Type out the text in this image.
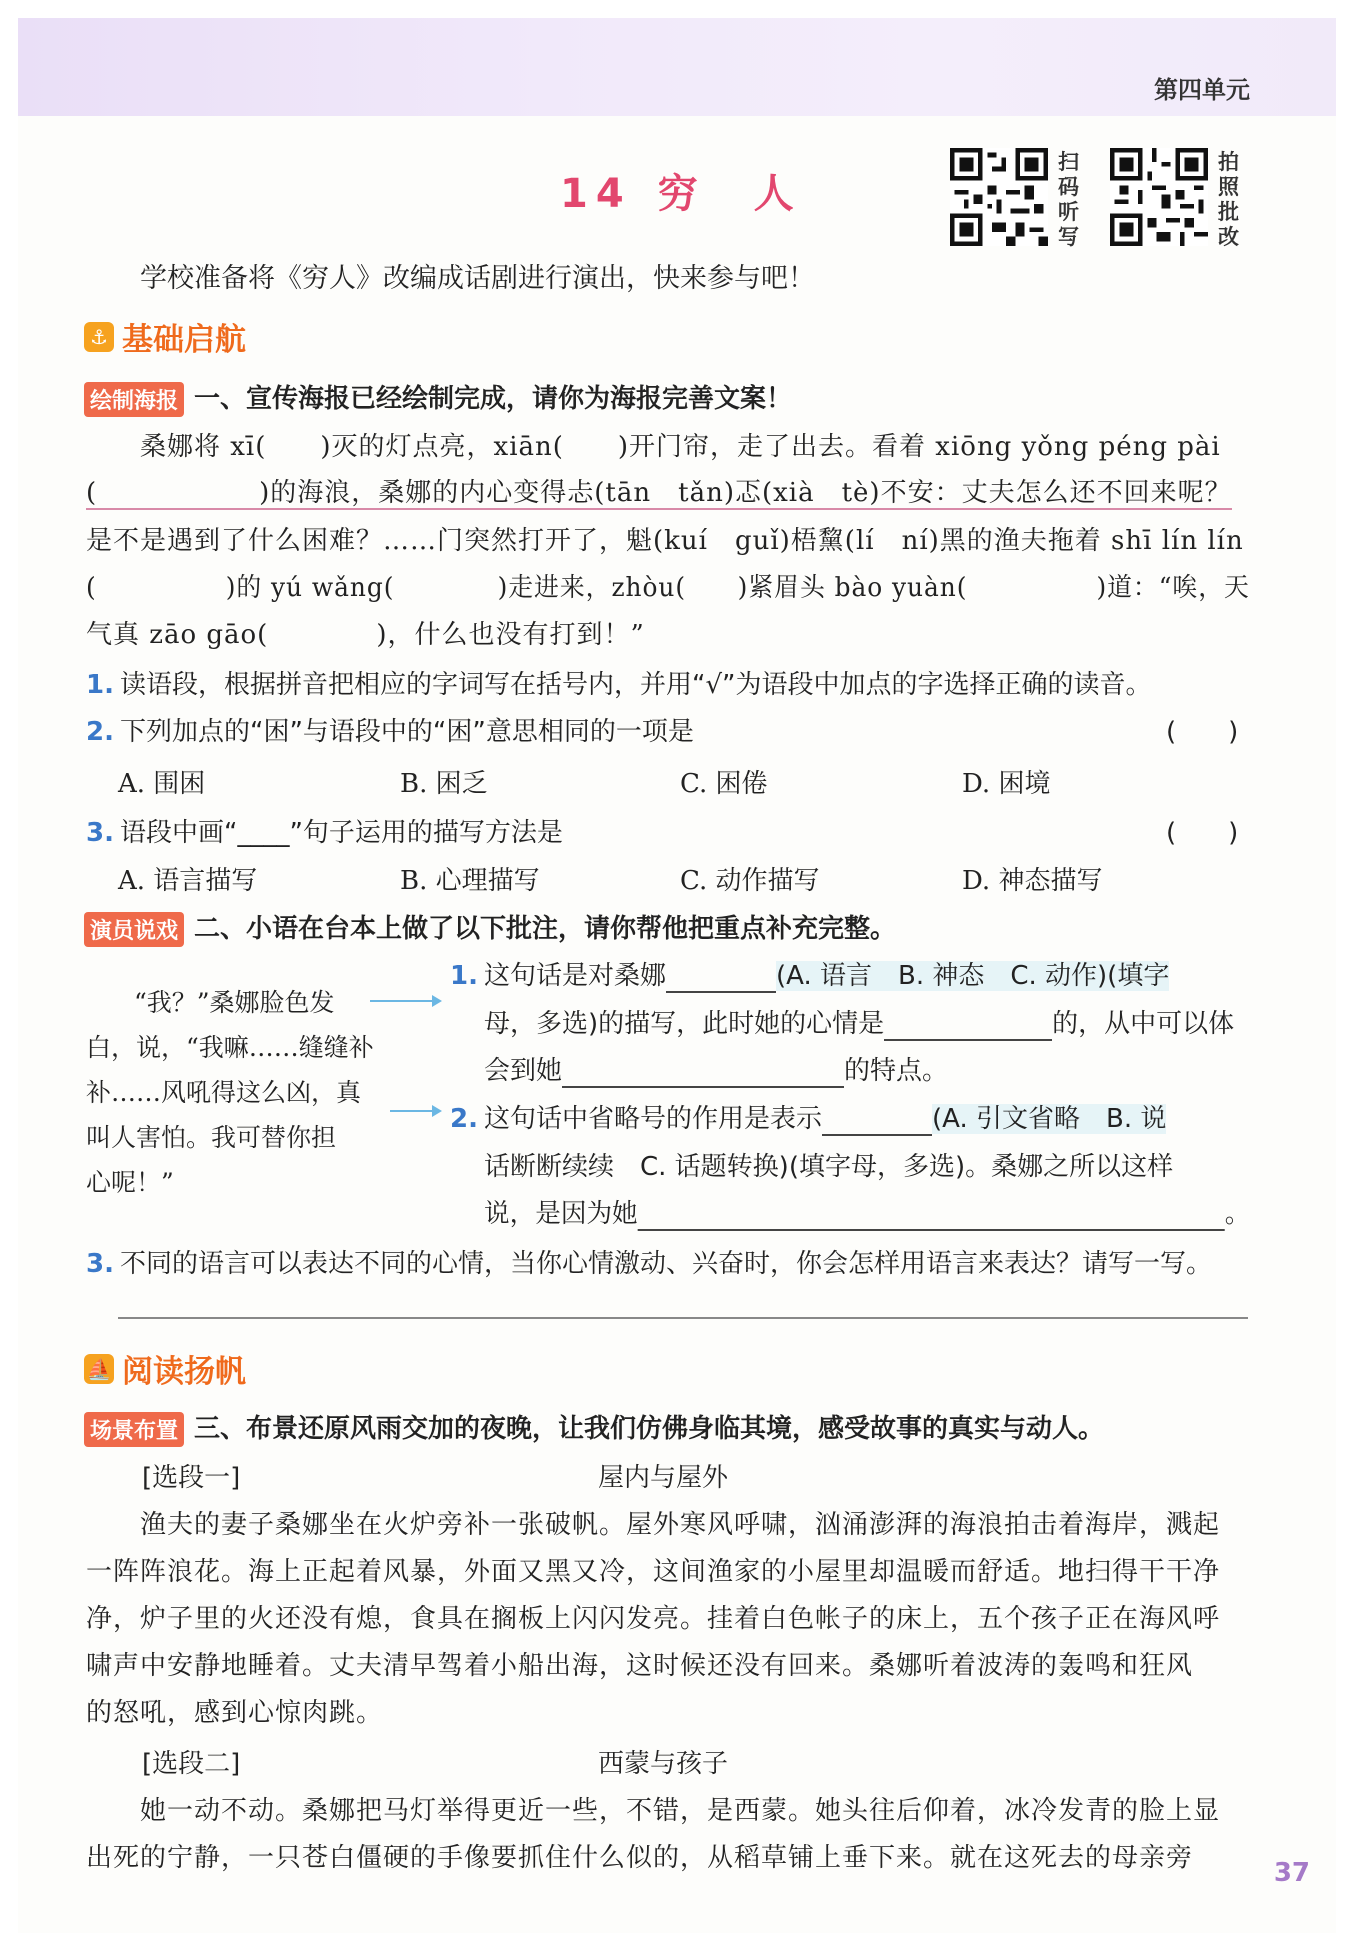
第四单元
14 穷　人
扫码听写
拍照批改
学校准备将《穷人》改编成话剧进行演出，快来参与吧！
⚓ 基础启航
绘制海报 一、宣传海报已经绘制完成，请你为海报完善文案！
桑娜将 xī(　　)灭的灯点亮，xiān(　　)开门帘，走了出去。看着 xiōng yǒng péng pài
(　　　　　　)的海浪，桑娜的内心变得忐(tān　tǎn)忑(xià　tè)不安：丈夫怎么还不回来呢？
是不是遇到了什么困难？……门突然打开了，魁(kuí　guǐ)梧黧(lí　ní)黑的渔夫拖着 shī lín lín
(　　　　　)的 yú wǎng(　　　　)走进来，zhòu(　　)紧眉头 bào yuàn(　　　　　)道：“唉，天
气真 zāo gāo(　　　　)，什么也没有打到！”
1. 读语段，根据拼音把相应的字词写在括号内，并用“√”为语段中加点的字选择正确的读音。
2. 下列加点的“困”与语段中的“困”意思相同的一项是	(　　)
A. 围困	B. 困乏	C. 困倦	D. 困境
3. 语段中画“____”句子运用的描写方法是	(　　)
A. 语言描写	B. 心理描写	C. 动作描写	D. 神态描写
演员说戏 二、小语在台本上做了以下批注，请你帮他把重点补充完整。
“我？”桑娜脸色发
白，说，“我嘛……缝缝补
补……风吼得这么凶，真
叫人害怕。我可替你担
心呢！”
1. 这句话是对桑娜	(A. 语言　B. 神态　C. 动作)(填字
母，多选)的描写，此时她的心情是	的，从中可以体
会到她	的特点。
2. 这句话中省略号的作用是表示	(A. 引文省略　B. 说
话断断续续　C. 话题转换)(填字母，多选)。桑娜之所以这样
说，是因为她	。
3. 不同的语言可以表达不同的心情，当你心情激动、兴奋时，你会怎样用语言来表达？请写一写。
⛵ 阅读扬帆
场景布置 三、布景还原风雨交加的夜晚，让我们仿佛身临其境，感受故事的真实与动人。
[选段一]	屋内与屋外
渔夫的妻子桑娜坐在火炉旁补一张破帆。屋外寒风呼啸，汹涌澎湃的海浪拍击着海岸，溅起
一阵阵浪花。海上正起着风暴，外面又黑又冷，这间渔家的小屋里却温暖而舒适。地扫得干干净
净，炉子里的火还没有熄，食具在搁板上闪闪发亮。挂着白色帐子的床上，五个孩子正在海风呼
啸声中安静地睡着。丈夫清早驾着小船出海，这时候还没有回来。桑娜听着波涛的轰鸣和狂风
的怒吼，感到心惊肉跳。
[选段二]	西蒙与孩子
她一动不动。桑娜把马灯举得更近一些，不错，是西蒙。她头往后仰着，冰冷发青的脸上显
出死的宁静，一只苍白僵硬的手像要抓住什么似的，从稻草铺上垂下来。就在这死去的母亲旁	37
